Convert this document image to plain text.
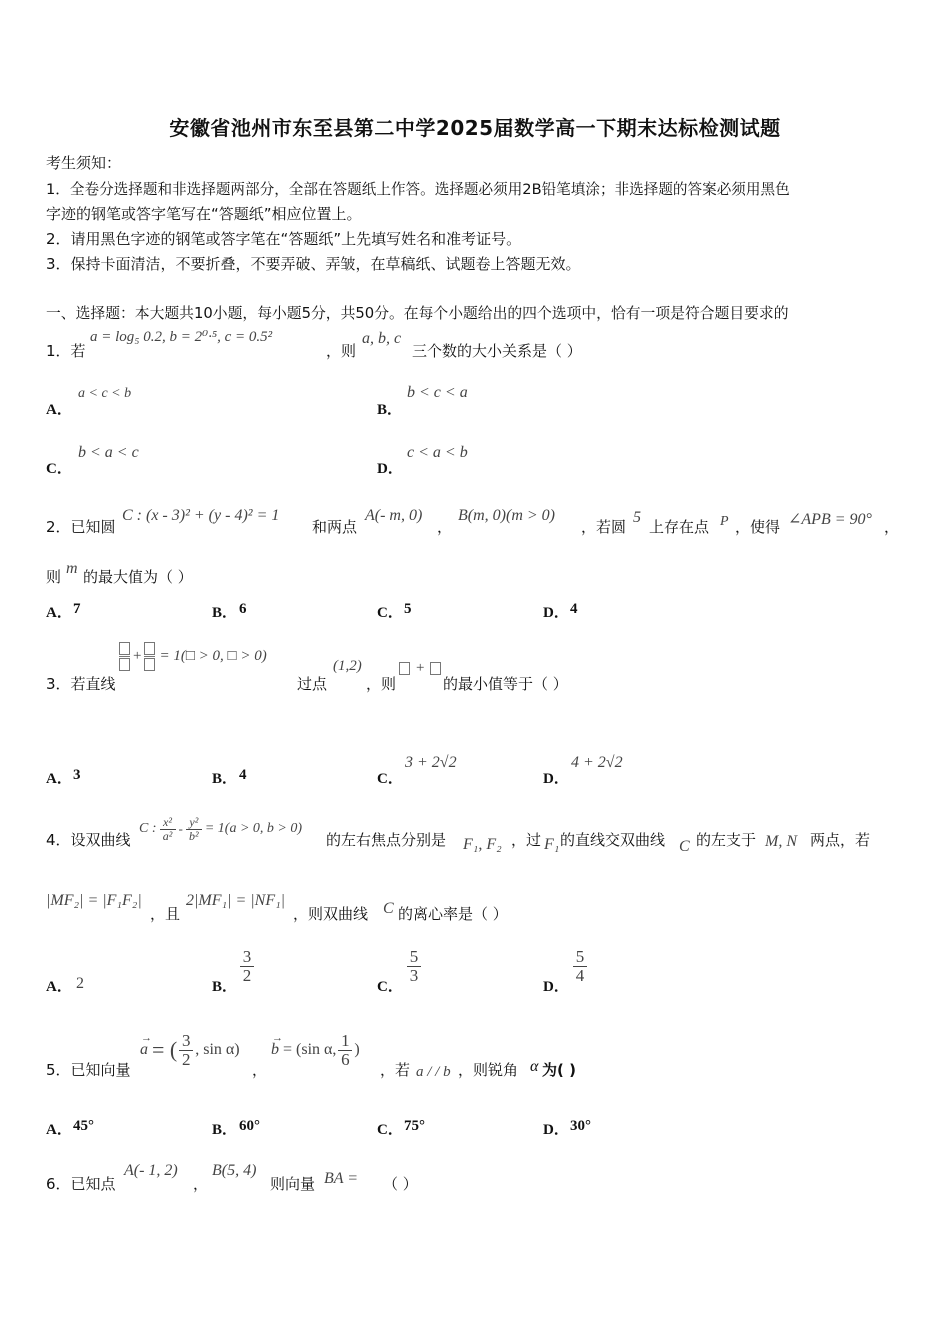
安徽省池州市东至县第二中学2025届数学高一下期末达标检测试题
考生须知：
1．全卷分选择题和非选择题两部分，全部在答题纸上作答。选择题必须用2B铅笔填涂；非选择题的答案必须用黑色
字迹的钢笔或答字笔写在“答题纸”相应位置上。
2．请用黑色字迹的钢笔或答字笔在“答题纸”上先填写姓名和准考证号。
3．保持卡面清洁，不要折叠，不要弄破、弄皱，在草稿纸、试题卷上答题无效。
一、选择题：本大题共10小题，每小题5分，共50分。在每个小题给出的四个选项中，恰有一项是符合题目要求的
1．若
a = log₅ 0.2, b = 2⁰·⁵, c = 0.5²
，则
a, b, c
三个数的大小关系是（ ）
A．
a < c < b
B．
b < c < a
C．
b < a < c
D．
c < a < b
2．已知圆
C : (x - 3)² + (y - 4)² = 1
和两点
A(- m, 0)
，
B(m, 0)(m > 0)
，若圆
5
上存在点 P ，使得 ∠APB = 90° ，
则 m 的最大值为（ ）
A． 7	B． 6	C． 5	D． 4
3．若直线
+ = 1(□ > 0, □ > 0)
过点
(1,2)
，则
+
的最小值等于（ ）
A． 3	B． 4	C．
3 + 2√2
D．
4 + 2√2
4．设双曲线
C : $\frac{\text{x²}}{\text{a²}} - \frac{\text{y²}}{\text{b²}} = 1(a > 0$, b > 0)
的左右焦点分别是 F₁, F₂ ，过 F₁ 的直线交双曲线 C 的左支于 M, N 两点，若
|MF₂| = |F₁F₂|
，且
2|MF₁| = |NF₁|
，则双曲线 C 的离心率是（ ）
A． 2	B．
$\frac{3}{2}$
C．
$\frac{5}{3}$
D．
$\frac{5}{4}$
5．已知向量
→
a = ( $\frac{3}{2}$ , sin α)
，
→
b = (sin α, $\frac{1}{6}$ )
，若 a / / b ，则锐角 α 为( )
A． 45°	B． 60°	C． 75°	D． 30°
6．已知点
A(- 1, 2)
，
B(5, 4)
则向量 BA = （ ）
